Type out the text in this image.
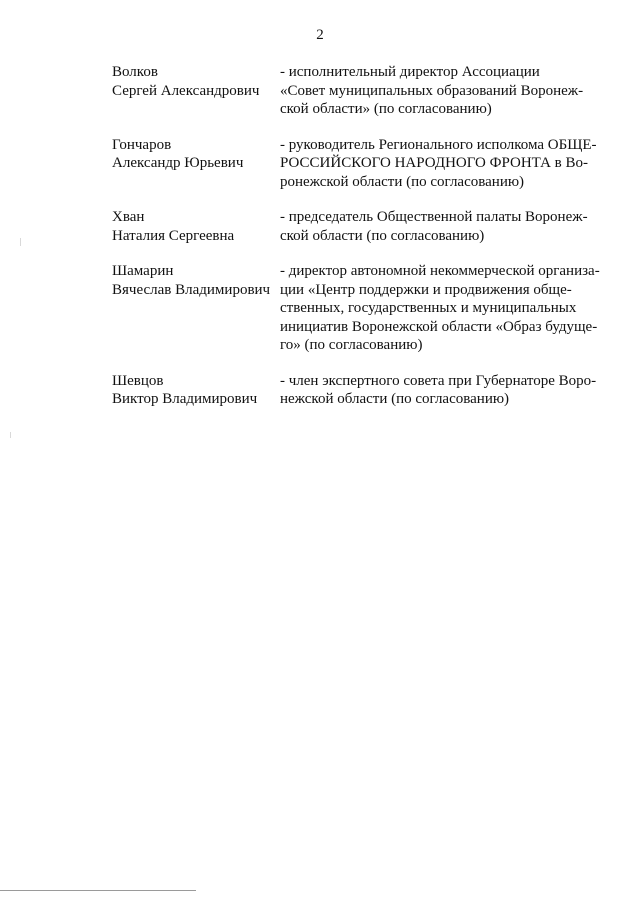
2
Волков
Сергей Александрович
- исполнительный директор Ассоциации
«Совет муниципальных образований Воронеж-
ской области» (по согласованию)
Гончаров
Александр Юрьевич
- руководитель Регионального исполкома ОБЩЕ-
РОССИЙСКОГО НАРОДНОГО ФРОНТА в Во-
ронежской области (по согласованию)
Хван
Наталия Сергеевна
- председатель Общественной палаты Воронеж-
ской области (по согласованию)
Шамарин
Вячеслав Владимирович
- директор автономной некоммерческой организа-
ции «Центр поддержки и продвижения обще-
ственных, государственных и муниципальных
инициатив Воронежской области «Образ будуще-
го» (по согласованию)
Шевцов
Виктор Владимирович
- член экспертного совета при Губернаторе Воро-
нежской области (по согласованию)
